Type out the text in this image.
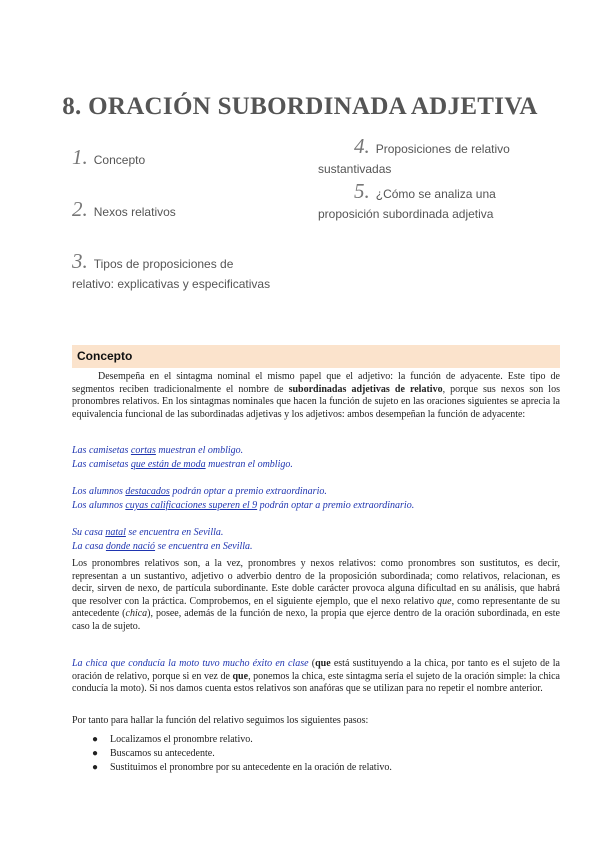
8. ORACIÓN SUBORDINADA ADJETIVA
1. Concepto
2. Nexos relativos
3. Tipos de proposiciones de
relativo: explicativas y especificativas
4. Proposiciones de relativo
sustantivadas
5. ¿Cómo se analiza una
proposición subordinada adjetiva
Concepto
Desempeña en el sintagma nominal el mismo papel que el adjetivo: la función de adyacente. Este tipo de segmentos reciben tradicionalmente el nombre de subordinadas adjetivas de relativo, porque sus nexos son los pronombres relativos. En los sintagmas nominales que hacen la función de sujeto en las oraciones siguientes se aprecia la equivalencia funcional de las subordinadas adjetivas y los adjetivos: ambos desempeñan la función de adyacente:
Las camisetas cortas muestran el ombligo.
Las camisetas que están de moda muestran el ombligo.
Los alumnos destacados podrán optar a premio extraordinario.
Los alumnos cuyas calificaciones superen el 9 podrán optar a premio extraordinario.
Su casa natal se encuentra en Sevilla.
La casa donde nació se encuentra en Sevilla.
Los pronombres relativos son, a la vez, pronombres y nexos relativos: como pronombres son sustitutos, es decir, representan a un sustantivo, adjetivo o adverbio dentro de la proposición subordinada; como relativos, relacionan, es decir, sirven de nexo, de partícula subordinante. Este doble carácter provoca alguna dificultad en su análisis, que habrá que resolver con la práctica. Comprobemos, en el siguiente ejemplo, que el nexo relativo que, como representante de su antecedente (chica), posee, además de la función de nexo, la propia que ejerce dentro de la oración subordinada, en este caso la de sujeto.
La chica que conducía la moto tuvo mucho éxito en clase (que está sustituyendo a la chica, por tanto es el sujeto de la oración de relativo, porque si en vez de que, ponemos la chica, este sintagma sería el sujeto de la oración simple: la chica conducía la moto). Si nos damos cuenta estos relativos son anafóras que se utilizan para no repetir el nombre anterior.
Por tanto para hallar la función del relativo seguimos los siguientes pasos:
● Localizamos el pronombre relativo.
● Buscamos su antecedente.
● Sustituimos el pronombre por su antecedente en la oración de relativo.
